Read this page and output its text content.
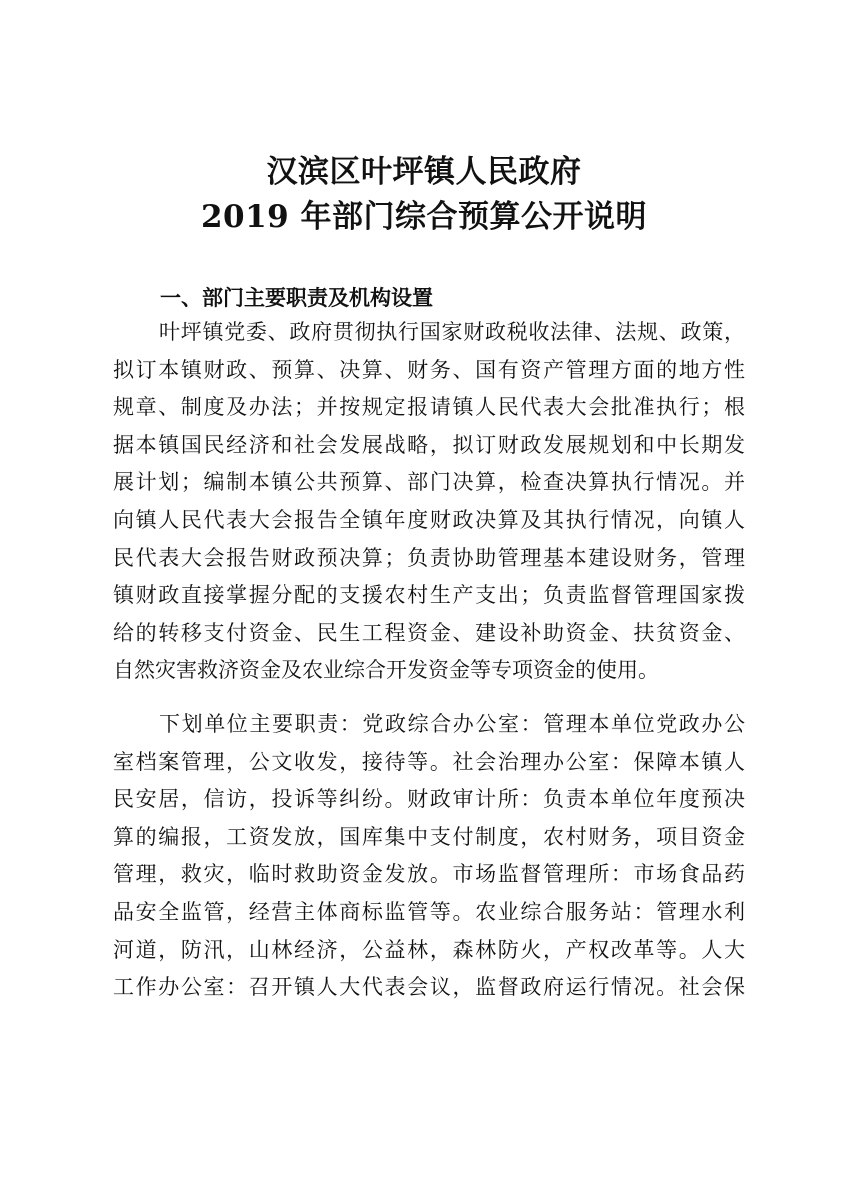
汉滨区叶坪镇人民政府
2019 年部门综合预算公开说明
一、部门主要职责及机构设置
叶坪镇党委、政府贯彻执行国家财政税收法律、法规、政策，
拟订本镇财政、预算、决算、财务、国有资产管理方面的地方性
规章、制度及办法；并按规定报请镇人民代表大会批准执行；根
据本镇国民经济和社会发展战略，拟订财政发展规划和中长期发
展计划；编制本镇公共预算、部门决算，检查决算执行情况。并
向镇人民代表大会报告全镇年度财政决算及其执行情况，向镇人
民代表大会报告财政预决算；负责协助管理基本建设财务，管理
镇财政直接掌握分配的支援农村生产支出；负责监督管理国家拨
给的转移支付资金、民生工程资金、建设补助资金、扶贫资金、
自然灾害救济资金及农业综合开发资金等专项资金的使用。
下划单位主要职责：党政综合办公室：管理本单位党政办公
室档案管理，公文收发，接待等。社会治理办公室：保障本镇人
民安居，信访，投诉等纠纷。财政审计所：负责本单位年度预决
算的编报，工资发放，国库集中支付制度，农村财务，项目资金
管理，救灾，临时救助资金发放。市场监督管理所：市场食品药
品安全监管，经营主体商标监管等。农业综合服务站：管理水利
河道，防汛，山林经济，公益林，森林防火，产权改革等。人大
工作办公室：召开镇人大代表会议，监督政府运行情况。社会保
